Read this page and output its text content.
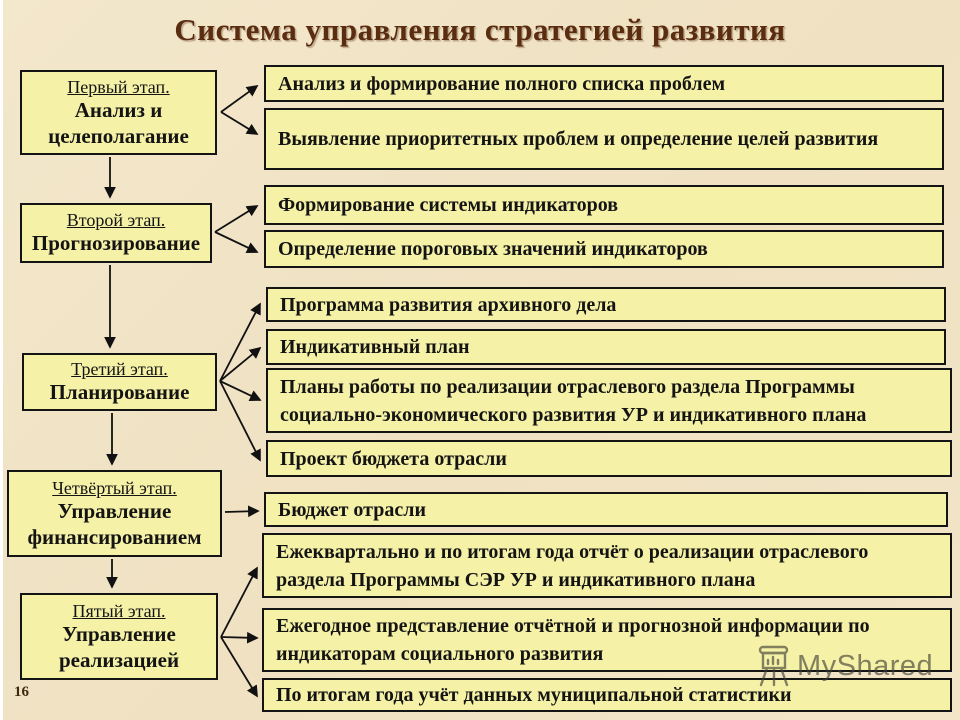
Система управления стратегией развития
Первый этап.
Анализ и целеполагание
Второй этап.
Прогнозирование
Третий этап.
Планирование
Четвёртый этап.
Управление финансированием
Пятый этап.
Управление реализацией
Анализ и формирование полного списка проблем
Выявление приоритетных проблем и определение целей развития
Формирование системы индикаторов
Определение пороговых значений индикаторов
Программа развития архивного дела
Индикативный план
Планы работы по реализации отраслевого раздела Программы социально-экономического развития УР и индикативного плана
Проект бюджета отрасли
Бюджет отрасли
Ежеквартально и по итогам года отчёт о реализации отраслевого раздела Программы СЭР УР и индикативного плана
Ежегодное представление отчётной и прогнозной информации по индикаторам социального развития
По итогам года учёт данных муниципальной статистики
16
MyShared
